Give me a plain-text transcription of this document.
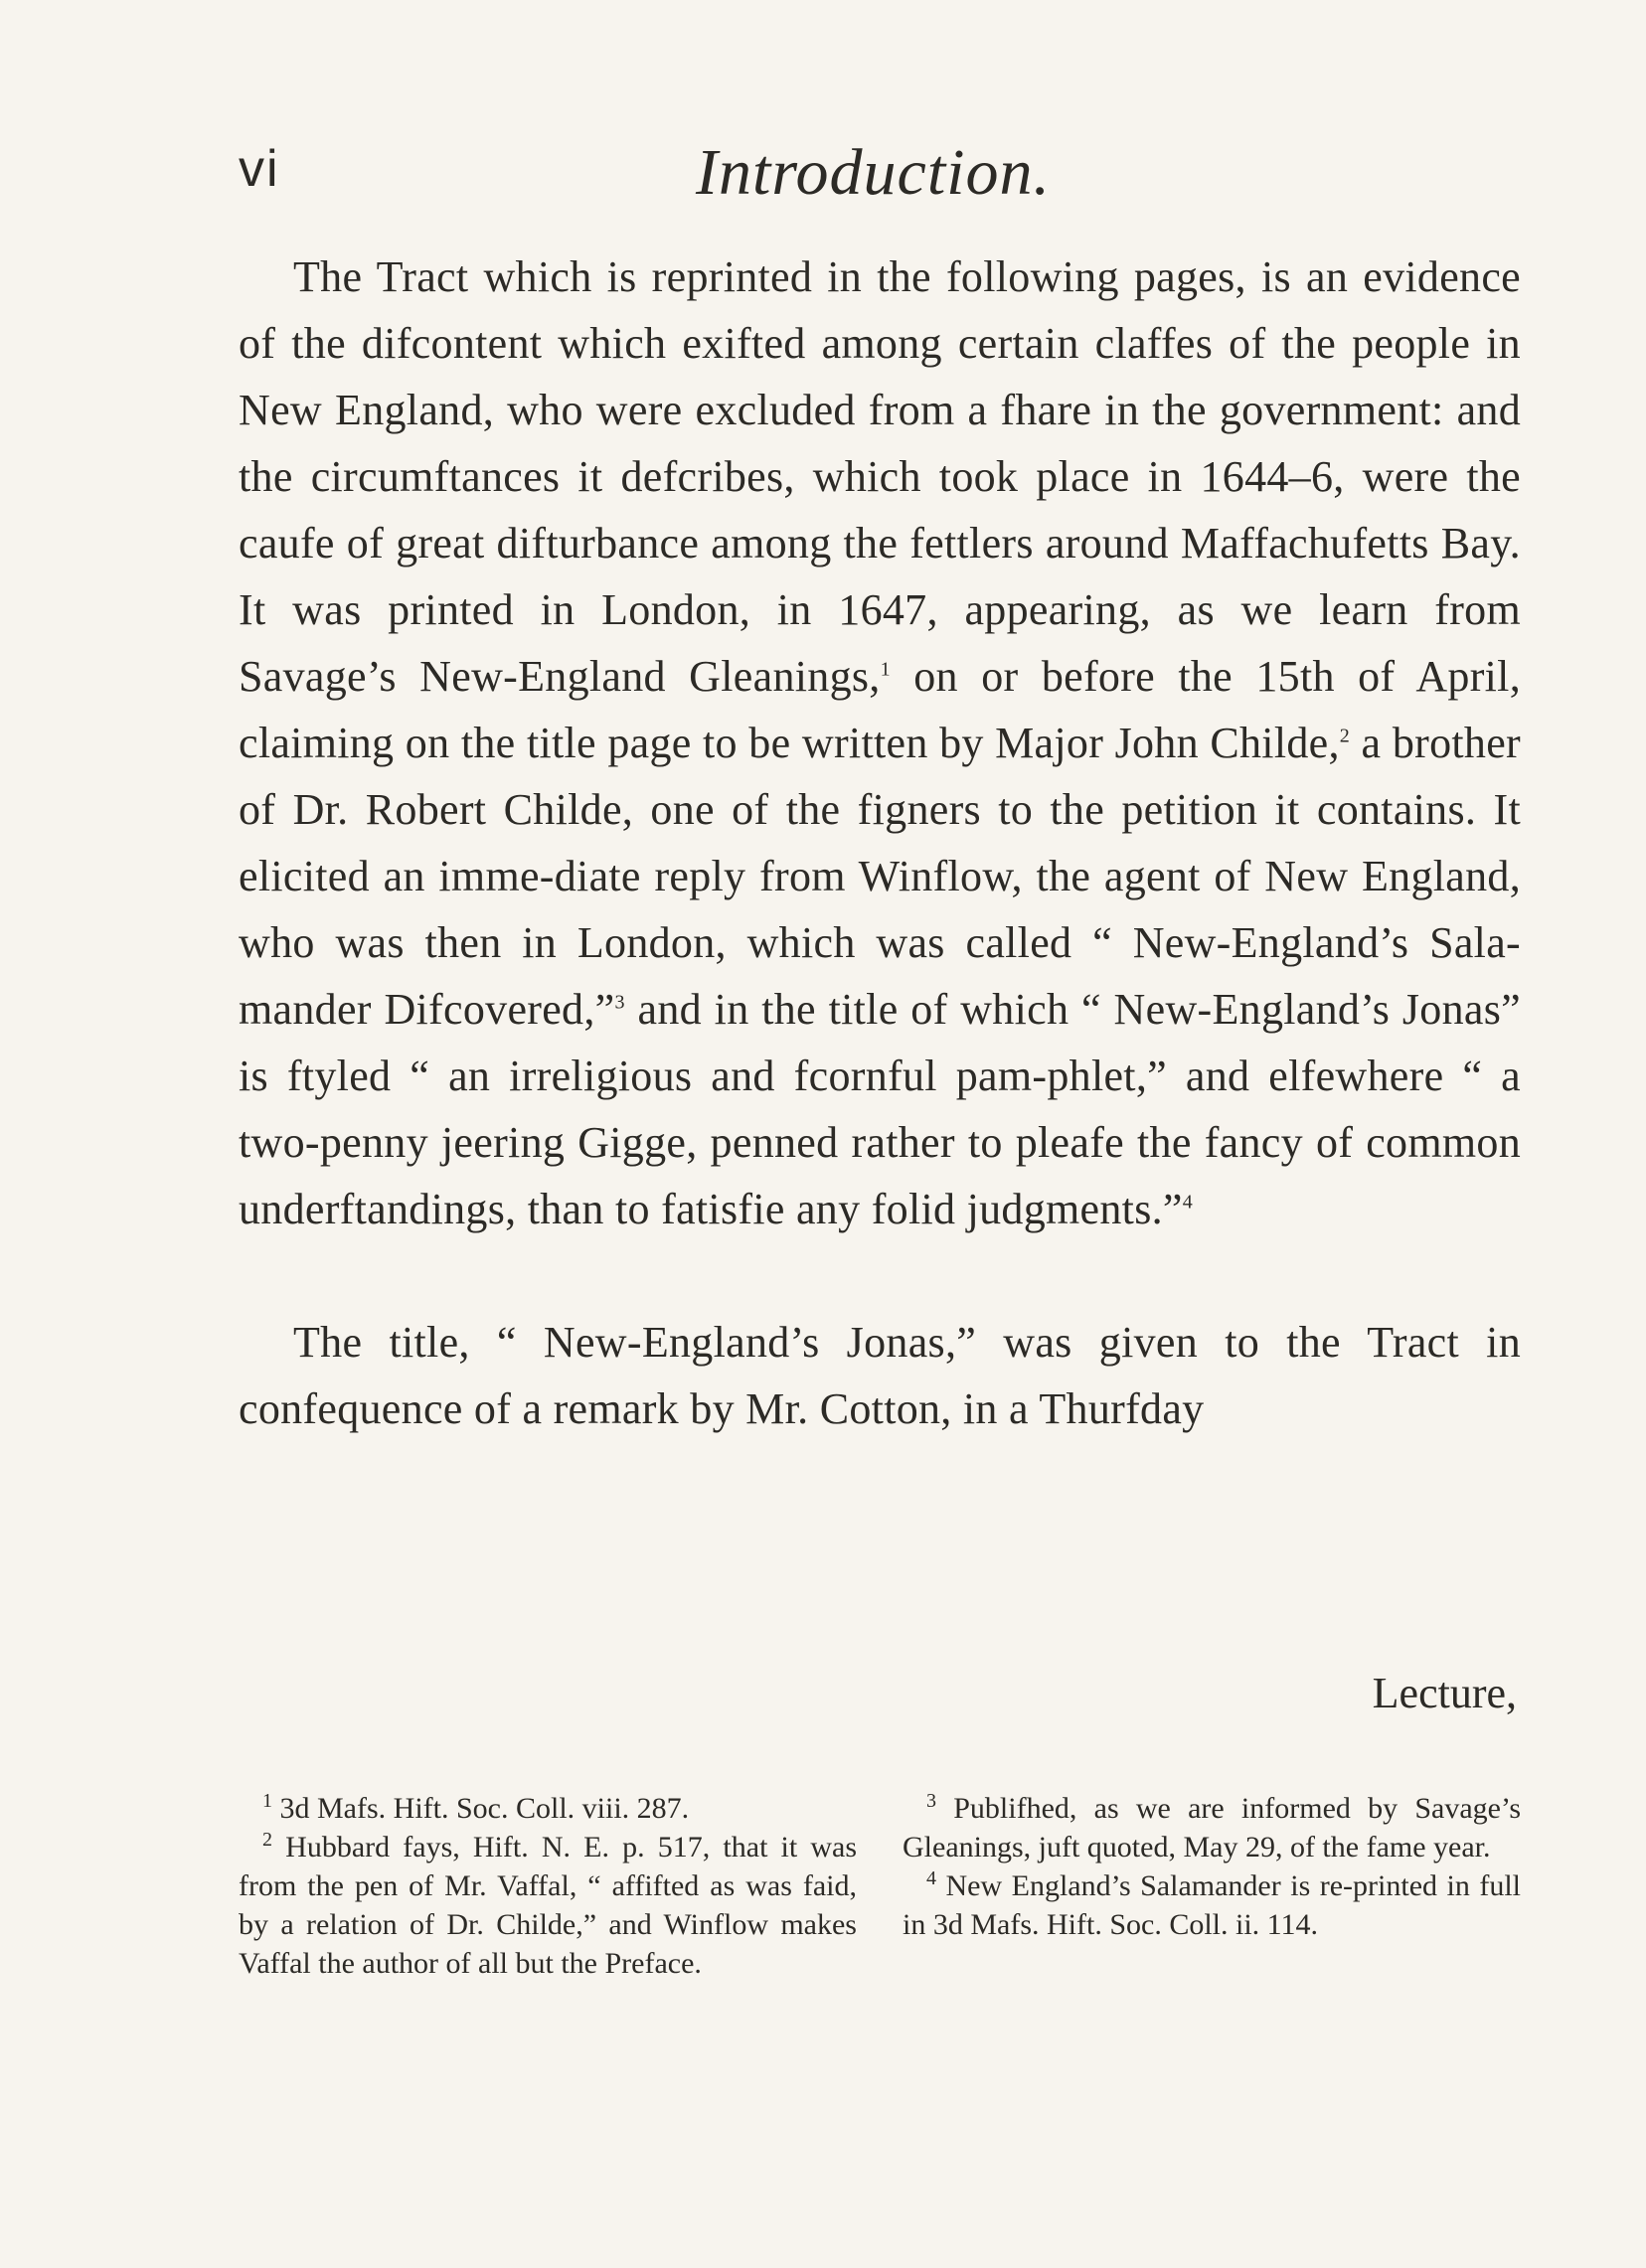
vi	Introduction.

The Tract which is reprinted in the following pages, is an evidence of the difcontent which exifted among certain claffes of the people in New England, who were excluded from a fhare in the government: and the circumftances it defcribes, which took place in 1644–6, were the caufe of great difturbance among the fettlers around Maffachufetts Bay. It was printed in London, in 1647, appearing, as we learn from Savage’s New-England Gleanings,$^1$ on or before the 15th of April, claiming on the title page to be written by Major John Childe,$^2$ a brother of Dr. Robert Childe, one of the figners to the petition it contains. It elicited an imme-diate reply from Winflow, the agent of New England, who was then in London, which was called “ New-England’s Sala-mander Difcovered,”$^3$ and in the title of which “ New-England’s Jonas” is ftyled “ an irreligious and fcornful pam-phlet,” and elfewhere “ a two-penny jeering Gigge, penned rather to pleafe the fancy of common underftandings, than to fatisfie any folid judgments.”$^4$

The title, “ New-England’s Jonas,” was given to the Tract in confequence of a remark by Mr. Cotton, in a Thurfday

Lecture,

$^1$ 3d Mafs. Hift. Soc. Coll. viii. 287.

$^2$ Hubbard fays, Hift. N. E. p. 517, that it was from the pen of Mr. Vaffal, “ affifted as was faid, by a relation of Dr. Childe,” and Winflow makes Vaffal the author of all but the Preface.

$^3$ Publifhed, as we are informed by Savage’s Gleanings, juft quoted, May 29, of the fame year.

$^4$ New England’s Salamander is re-printed in full in 3d Mafs. Hift. Soc. Coll. ii. 114.
